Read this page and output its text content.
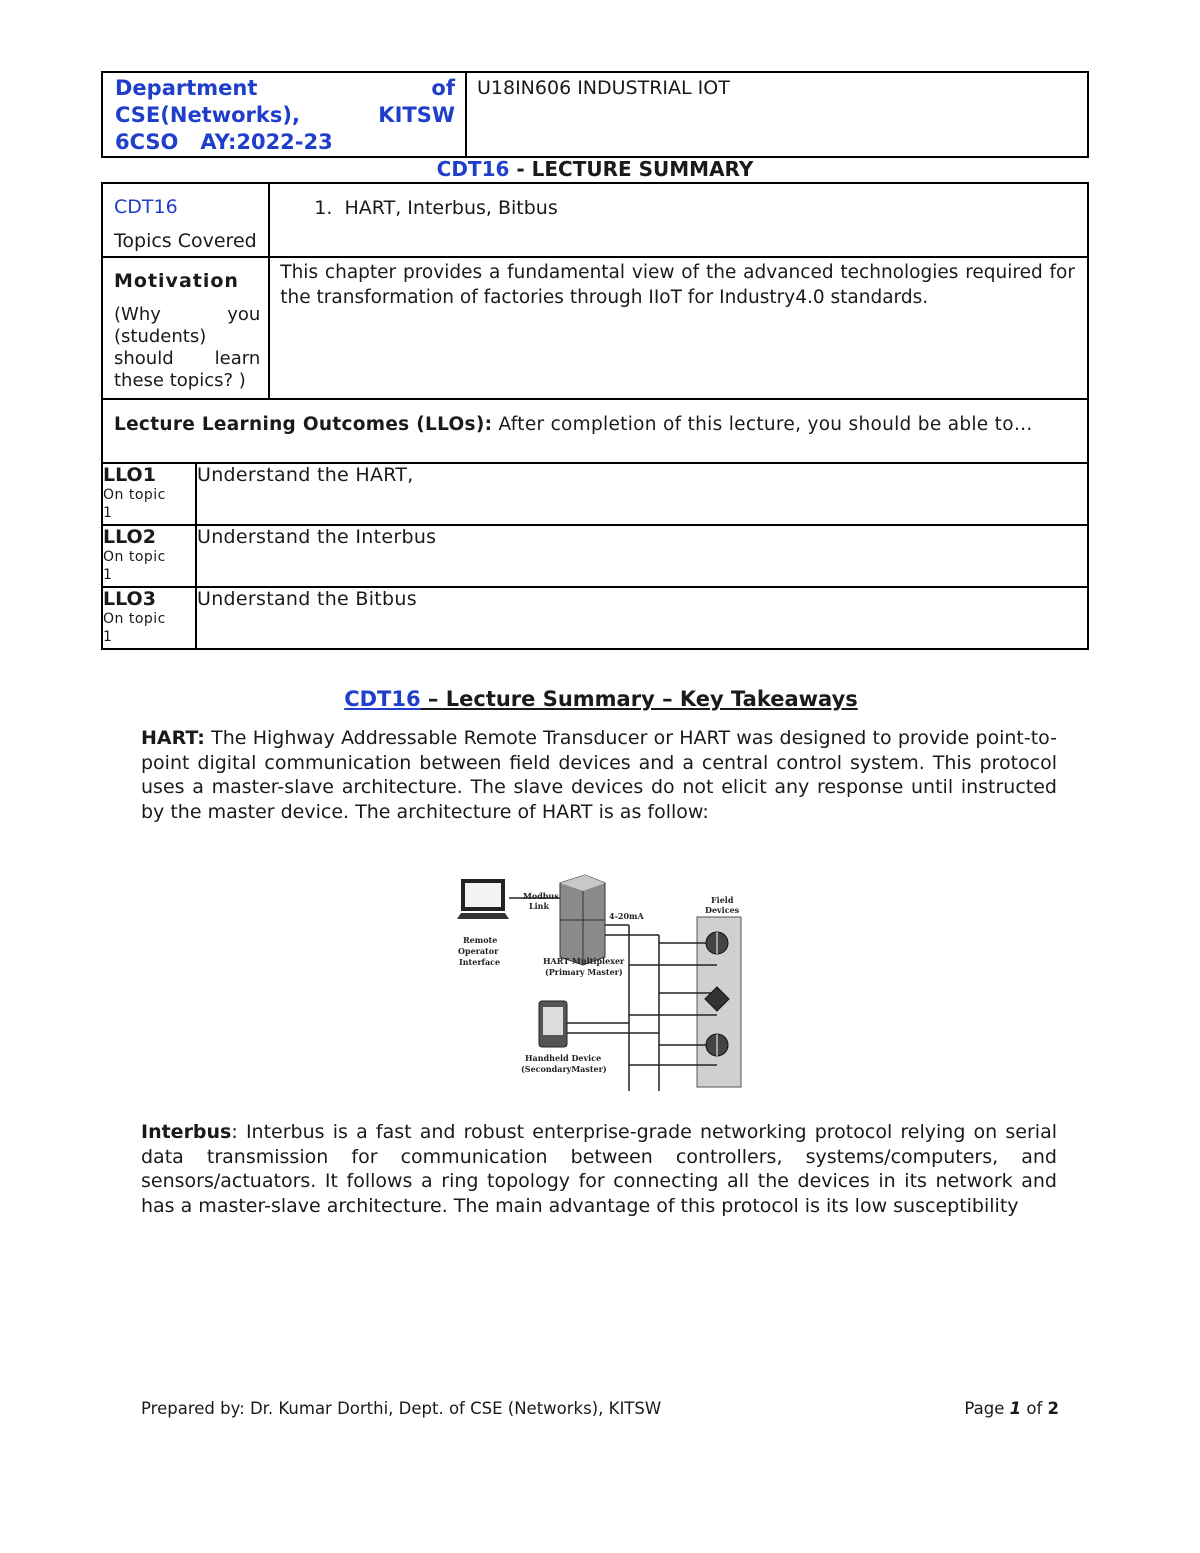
Department	of
CSE(Networks),	KITSW
6CSO   AY:2022-23
	U18IN606 INDUSTRIAL IOT
CDT16 - LECTURE SUMMARY
CDT16
Topics Covered		1. HART, Interbus, Bitbus

Motivation
(Why you (students) should learn these topics? )		This chapter provides a fundamental view of the advanced technologies required for the transformation of factories through IIoT for Industry4.0 standards.

Lecture Learning Outcomes (LLOs): After completion of this lecture, you should be able to…		

LLO1
On topic
1	Understand the HART,	

LLO2
On topic
1	Understand the Interbus	

LLO3
On topic
1	Understand the Bitbus	
CDT16 – Lecture Summary – Key Takeaways
HART: The Highway Addressable Remote Transducer or HART was designed to provide point-to-point digital communication between field devices and a central control system. This protocol uses a master-slave architecture. The slave devices do not elicit any response until instructed by the master device. The architecture of HART is as follow:
Modbus
Link
4-20mA
Field
Devices
Remote
Operator
Interface	HART Multiplexer
(Primary Master)
Handheld Device
(SecondaryMaster)
Interbus: Interbus is a fast and robust enterprise-grade networking protocol relying on serial data transmission for communication between controllers, systems/computers, and sensors/actuators. It follows a ring topology for connecting all the devices in its network and has a master-slave architecture. The main advantage of this protocol is its low susceptibility
Prepared by: Dr. Kumar Dorthi, Dept. of CSE (Networks), KITSW	Page 1 of 2
